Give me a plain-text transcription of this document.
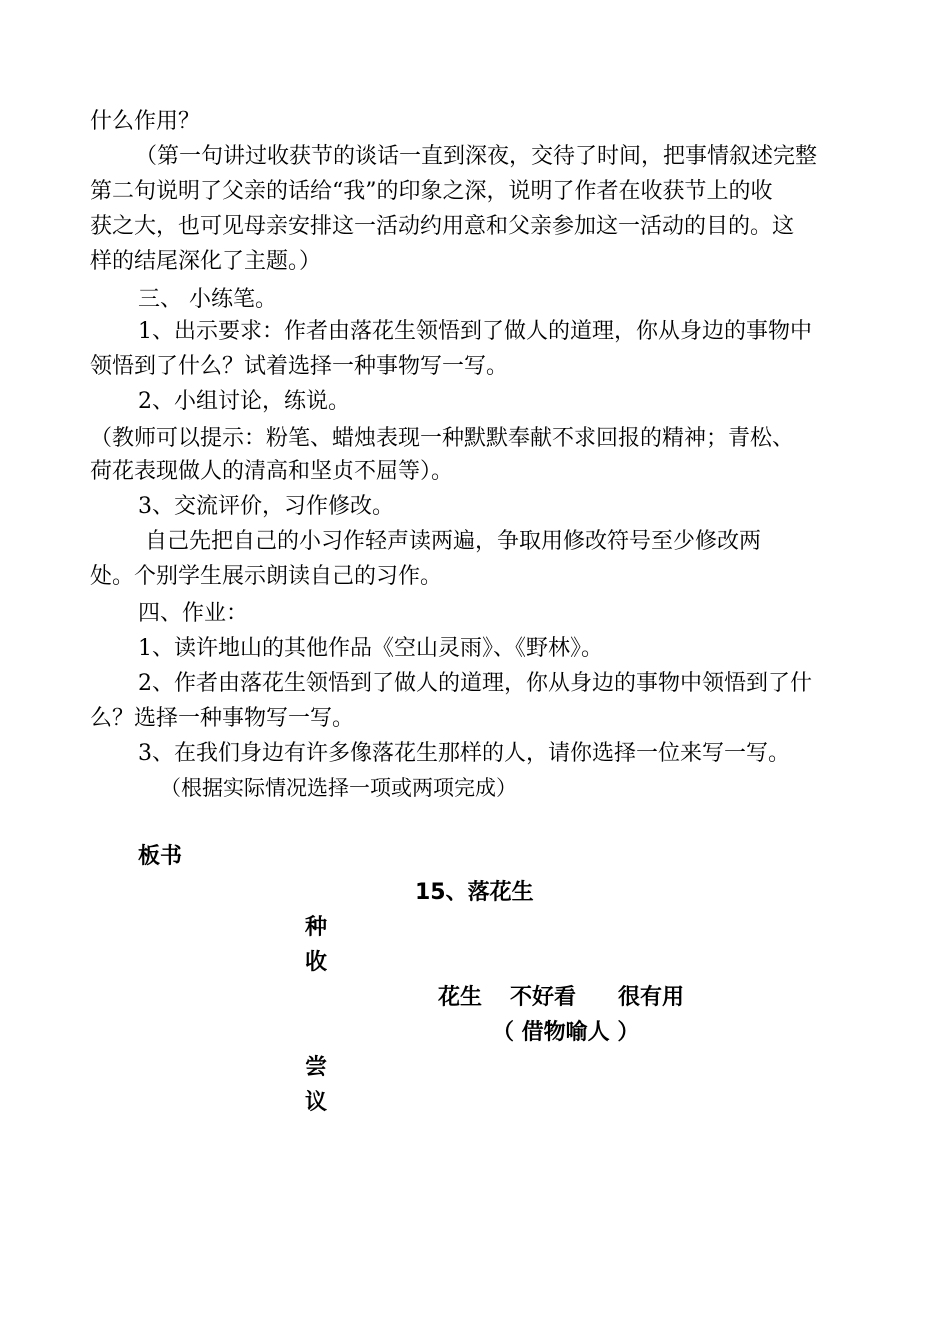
什么作用？
（第一句讲过收获节的谈话一直到深夜，交待了时间，把事情叙述完整
第二句说明了父亲的话给“我”的印象之深，说明了作者在收获节上的收
获之大，也可见母亲安排这一活动约用意和父亲参加这一活动的目的。这
样的结尾深化了主题。）
三、 小练笔。
1、出示要求：作者由落花生领悟到了做人的道理，你从身边的事物中
领悟到了什么？试着选择一种事物写一写。
2、小组讨论，练说。
（教师可以提示：粉笔、蜡烛表现一种默默奉献不求回报的精神；青松、
荷花表现做人的清高和坚贞不屈等）。
3、交流评价，习作修改。
自己先把自己的小习作轻声读两遍，争取用修改符号至少修改两
处。个别学生展示朗读自己的习作。
四、作业：
1、读许地山的其他作品《空山灵雨》、《野林》。
2、作者由落花生领悟到了做人的道理，你从身边的事物中领悟到了什
么？选择一种事物写一写。
3、在我们身边有许多像落花生那样的人，请你选择一位来写一写。
（根据实际情况选择一项或两项完成）
板书
15、落花生
种
收
花生 不好看 很有用
（ 借物喻人 ）
尝
议
